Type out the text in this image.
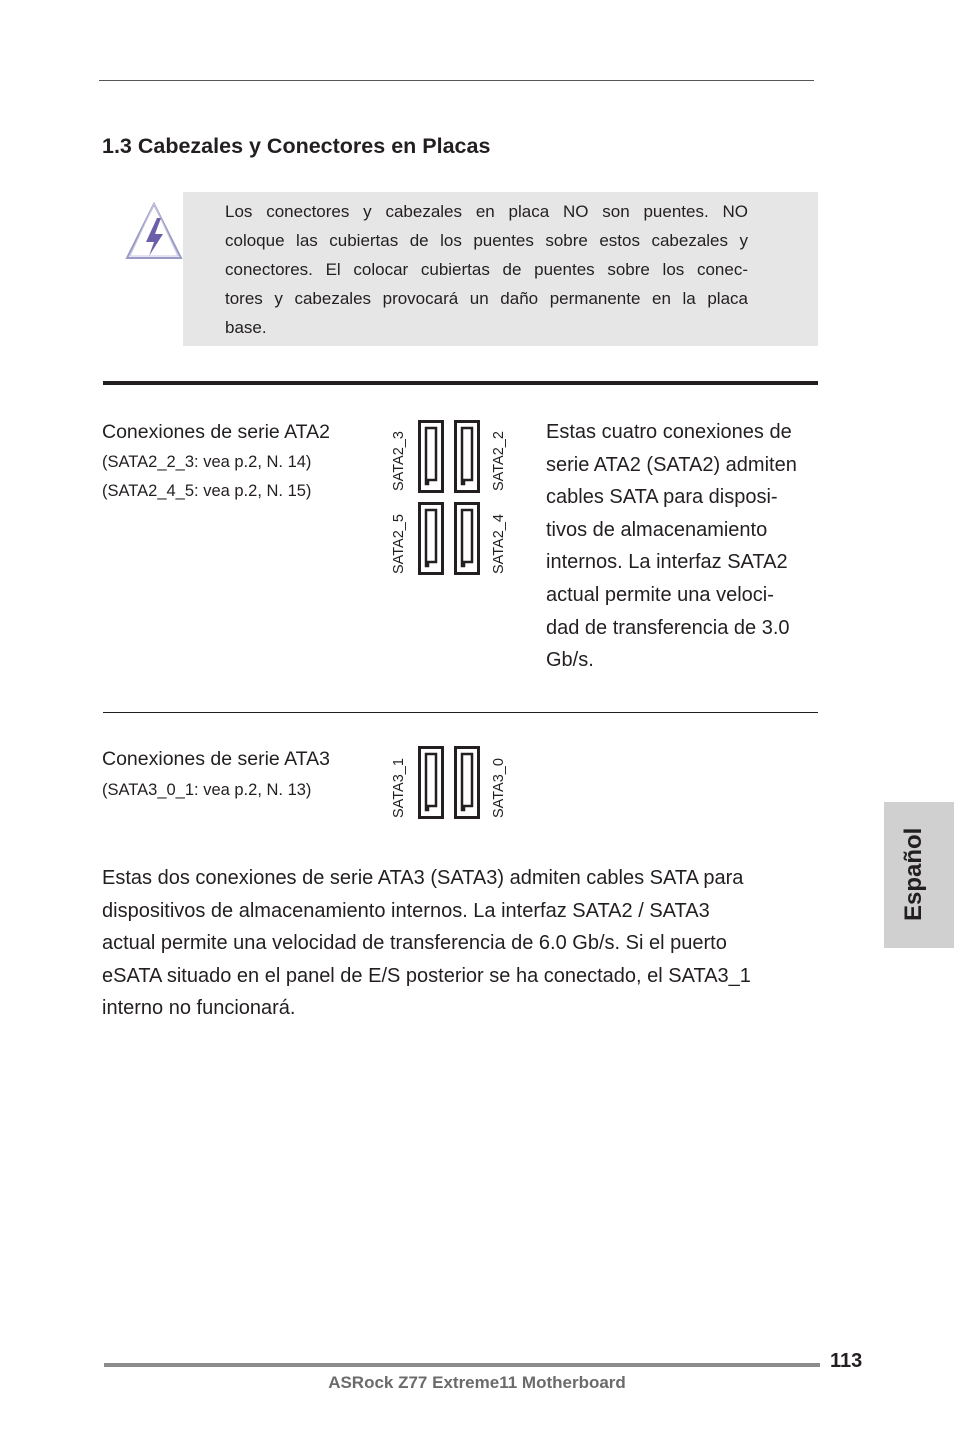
1.3 Cabezales y Conectores en Placas
Los conectores y cabezales en placa NO son puentes. NO
coloque las cubiertas de los puentes sobre estos cabezales y
conectores. El colocar cubiertas de puentes sobre los conec-
tores y cabezales provocará un daño permanente en la placa
base.
Conexiones de serie ATA2
(SATA2_2_3: vea p.2, N. 14)
(SATA2_4_5: vea p.2, N. 15)	SATA2_3	SATA2_2
SATA2_5	SATA2_4
Estas cuatro conexiones de
serie ATA2 (SATA2) admiten
cables SATA para disposi-
tivos de almacenamiento
internos. La interfaz SATA2
actual permite una veloci-
dad de transferencia de 3.0
Gb/s.
Conexiones de serie ATA3
(SATA3_0_1: vea p.2, N. 13)	SATA3_1	SATA3_0
Estas dos conexiones de serie ATA3 (SATA3) admiten cables SATA para
dispositivos de almacenamiento internos. La interfaz SATA2 / SATA3
actual permite una velocidad de transferencia de 6.0 Gb/s. Si el puerto
eSATA situado en el panel de E/S posterior se ha conectado, el SATA3_1
interno no funcionará.
Español
113
ASRock Z77 Extreme11 Motherboard
